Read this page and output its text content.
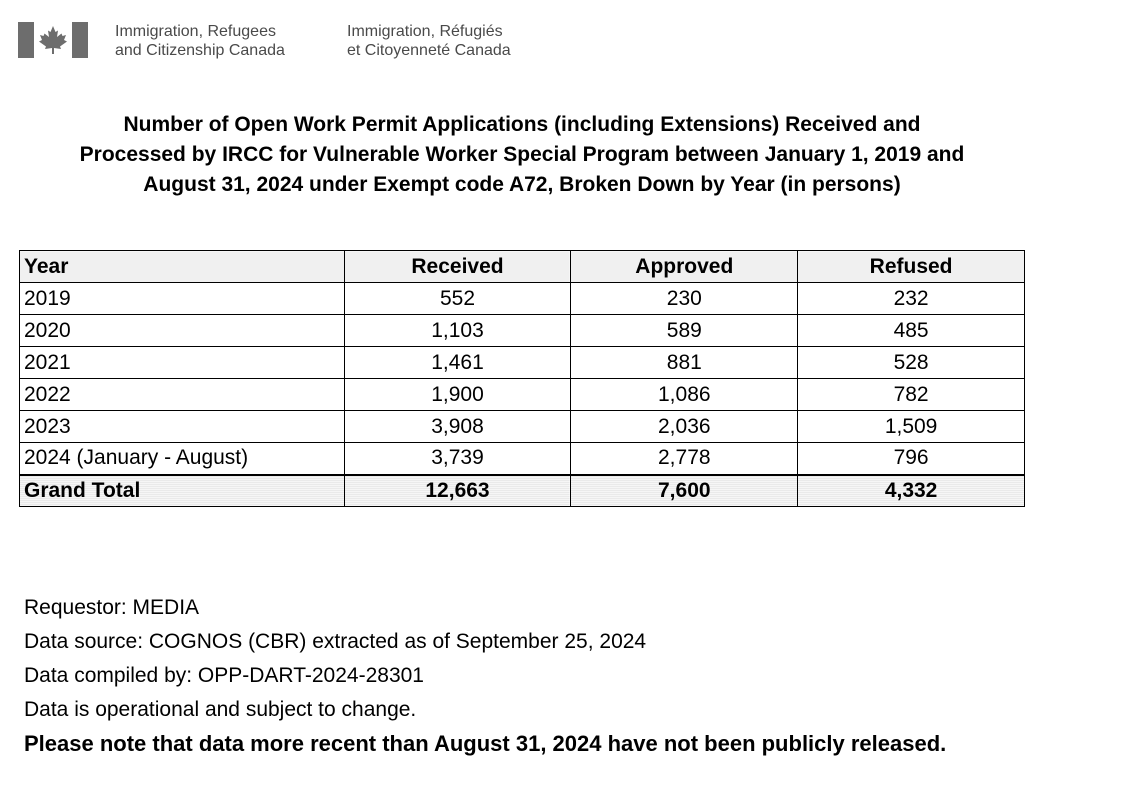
Immigration, Refugees
and Citizenship Canada
Immigration, Réfugiés
et Citoyenneté Canada
Number of Open Work Permit Applications (including Extensions) Received and
Processed by IRCC for Vulnerable Worker Special Program between January 1, 2019 and
August 31, 2024 under Exempt code A72, Broken Down by Year (in persons)
Year	Received	Approved	Refused
2019	552	230	232
2020	1,103	589	485
2021	1,461	881	528
2022	1,900	1,086	782
2023	3,908	2,036	1,509
2024 (January - August)	3,739	2,778	796
Grand Total	12,663	7,600	4,332
Requestor: MEDIA
Data source: COGNOS (CBR) extracted as of September 25, 2024
Data compiled by: OPP-DART-2024-28301
Data is operational and subject to change.
Please note that data more recent than August 31, 2024 have not been publicly released.
